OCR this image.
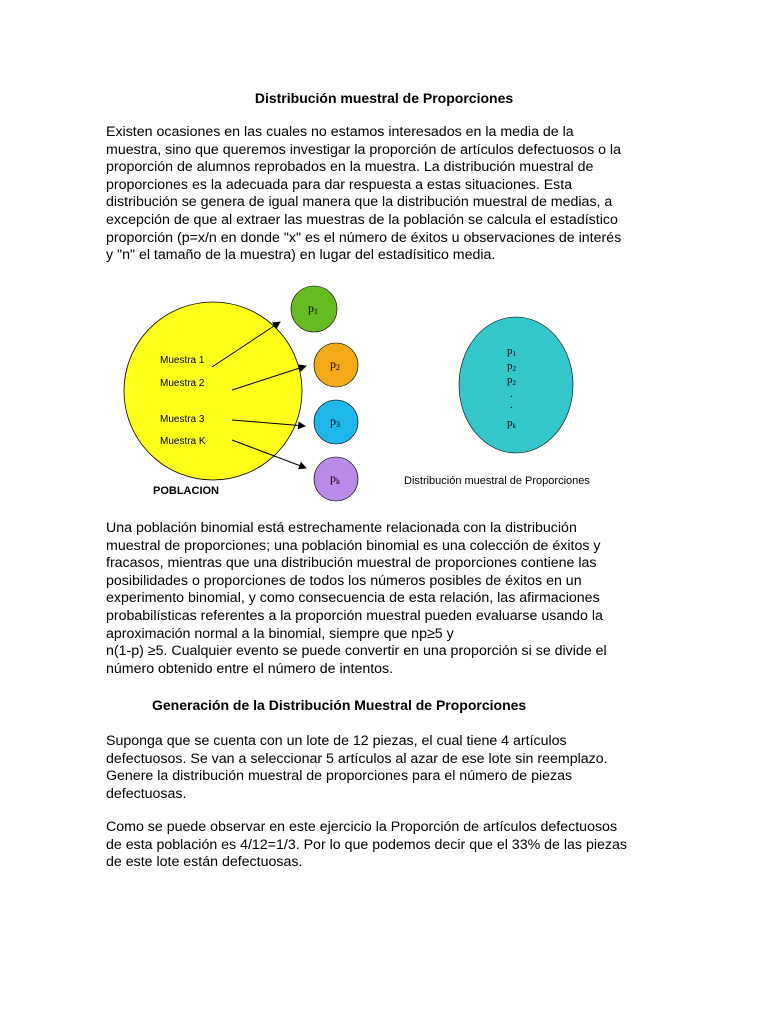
Distribución muestral de Proporciones
Existen ocasiones en las cuales no estamos interesados en la media de la
muestra, sino que queremos investigar la proporción de artículos defectuosos o la
proporción de alumnos reprobados en la muestra. La distribución muestral de
proporciones es la adecuada para dar respuesta a estas situaciones. Esta
distribución se genera de igual manera que la distribución muestral de medias, a
excepción de que al extraer las muestras de la población se calcula el estadístico
proporción (p=x/n en donde "x" es el número de éxitos u observaciones de interés
y "n" el tamaño de la muestra) en lugar del estadísitico media.
Muestra 1
Muestra 2
Muestra 3
Muestra K
POBLACION
p1
p2
p3
pk
p1
p2
p2
.
.
pk
Distribución muestral de Proporciones
Una población binomial está estrechamente relacionada con la distribución
muestral de proporciones; una población binomial es una colección de éxitos y
fracasos, mientras que una distribución muestral de proporciones contiene las
posibilidades o proporciones de todos los números posibles de éxitos en un
experimento binomial, y como consecuencia de esta relación, las afirmaciones
probabilísticas referentes a la proporción muestral pueden evaluarse usando la
aproximación normal a la binomial, siempre que np≥5 y
n(1-p) ≥5. Cualquier evento se puede convertir en una proporción si se divide el
número obtenido entre el número de intentos.
Generación de la Distribución Muestral de Proporciones
Suponga que se cuenta con un lote de 12 piezas, el cual tiene 4 artículos
defectuosos. Se van a seleccionar 5 artículos al azar de ese lote sin reemplazo.
Genere la distribución muestral de proporciones para el número de piezas
defectuosas.
Como se puede observar en este ejercicio la Proporción de artículos defectuosos
de esta población es 4/12=1/3. Por lo que podemos decir que el 33% de las piezas
de este lote están defectuosas.
